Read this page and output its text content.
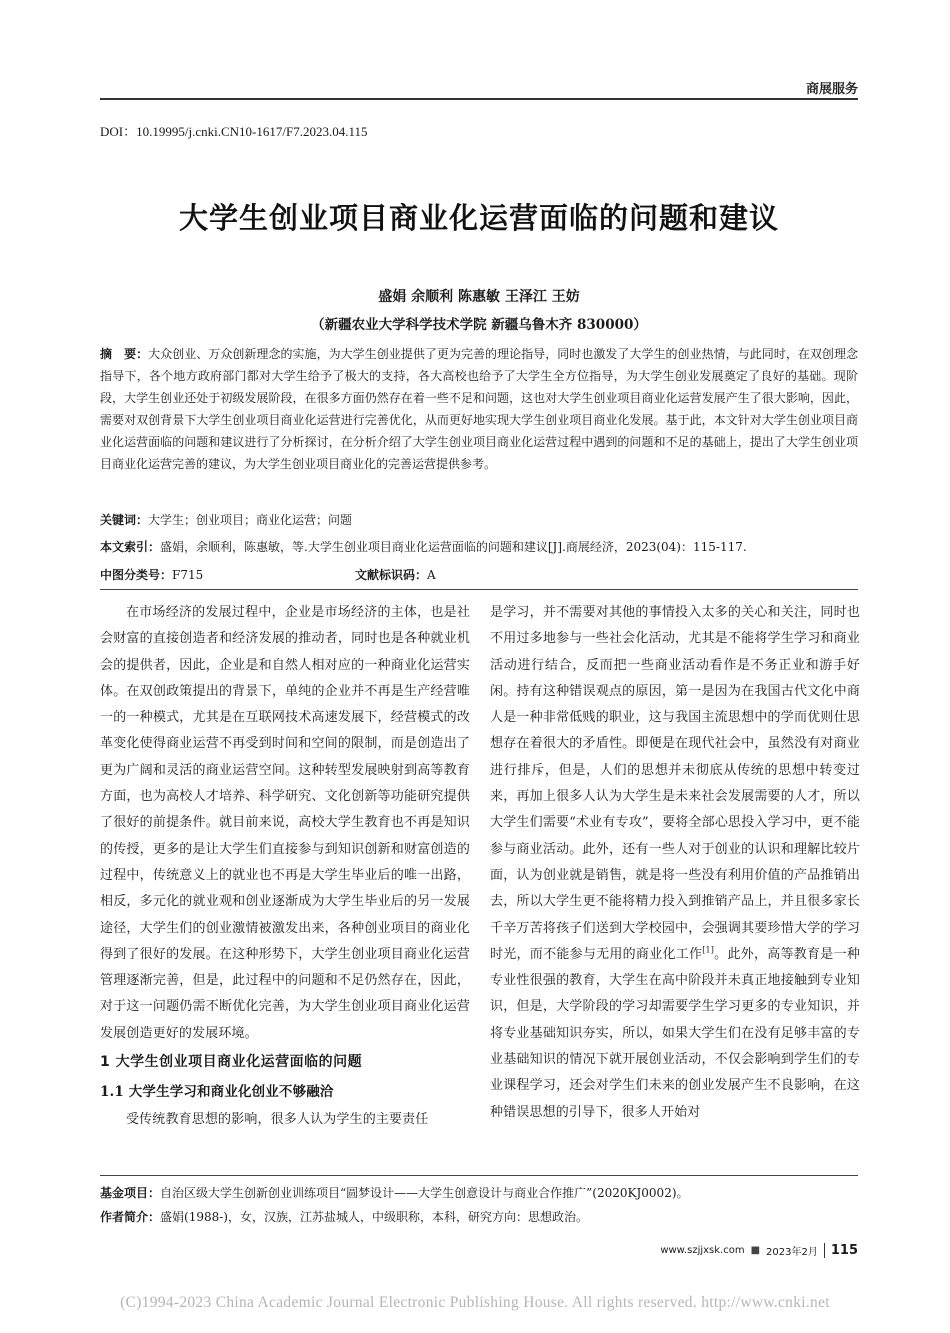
商展服务
DOI：10.19995/j.cnki.CN10-1617/F7.2023.04.115
大学生创业项目商业化运营面临的问题和建议
盛娟 余顺利 陈惠敏 王泽江 王妨
（新疆农业大学科学技术学院 新疆乌鲁木齐 830000）

摘　要：大众创业、万众创新理念的实施，为大学生创业提供了更为完善的理论指导，同时也激发了大学生的创业热情，与此同时，在双创理念指导下，各个地方政府部门都对大学生给予了极大的支持，各大高校也给予了大学生全方位指导，为大学生创业发展奠定了良好的基础。现阶段，大学生创业还处于初级发展阶段，在很多方面仍然存在着一些不足和问题，这也对大学生创业项目商业化运营发展产生了很大影响，因此，需要对双创背景下大学生创业项目商业化运营进行完善优化，从而更好地实现大学生创业项目商业化发展。基于此，本文针对大学生创业项目商业化运营面临的问题和建议进行了分析探讨，在分析介绍了大学生创业项目商业化运营过程中遇到的问题和不足的基础上，提出了大学生创业项目商业化运营完善的建议，为大学生创业项目商业化的完善运营提供参考。

关键词：大学生；创业项目；商业化运营；问题

本文索引：盛娟，余顺利，陈惠敏，等.大学生创业项目商业化运营面临的问题和建议[J].商展经济，2023(04)：115-117.

中图分类号：F715	文献标识码：A

在市场经济的发展过程中，企业是市场经济的主体，也是社会财富的直接创造者和经济发展的推动者，同时也是各种就业机会的提供者，因此，企业是和自然人相对应的一种商业化运营实体。在双创政策提出的背景下，单纯的企业并不再是生产经营唯一的一种模式，尤其是在互联网技术高速发展下，经营模式的改革变化使得商业运营不再受到时间和空间的限制，而是创造出了更为广阔和灵活的商业运营空间。这种转型发展映射到高等教育方面，也为高校人才培养、科学研究、文化创新等功能研究提供了很好的前提条件。就目前来说，高校大学生教育也不再是知识的传授，更多的是让大学生们直接参与到知识创新和财富创造的过程中，传统意义上的就业也不再是大学生毕业后的唯一出路，相反，多元化的就业观和创业逐渐成为大学生毕业后的另一发展途径，大学生们的创业激情被激发出来，各种创业项目的商业化得到了很好的发展。在这种形势下，大学生创业项目商业化运营管理逐渐完善，但是，此过程中的问题和不足仍然存在，因此，对于这一问题仍需不断优化完善，为大学生创业项目商业化运营发展创造更好的发展环境。

1 大学生创业项目商业化运营面临的问题
1.1 大学生学习和商业化创业不够融洽

受传统教育思想的影响，很多人认为学生的主要责任

是学习，并不需要对其他的事情投入太多的关心和关注，同时也不用过多地参与一些社会化活动，尤其是不能将学生学习和商业活动进行结合，反而把一些商业活动看作是不务正业和游手好闲。持有这种错误观点的原因，第一是因为在我国古代文化中商人是一种非常低贱的职业，这与我国主流思想中的学而优则仕思想存在着很大的矛盾性。即便是在现代社会中，虽然没有对商业进行排斥，但是，人们的思想并未彻底从传统的思想中转变过来，再加上很多人认为大学生是未来社会发展需要的人才，所以大学生们需要“术业有专攻”，要将全部心思投入学习中，更不能参与商业活动。此外，还有一些人对于创业的认识和理解比较片面，认为创业就是销售，就是将一些没有利用价值的产品推销出去，所以大学生更不能将精力投入到推销产品上，并且很多家长千辛万苦将孩子们送到大学校园中，会强调其要珍惜大学的学习时光，而不能参与无用的商业化工作[1]。此外，高等教育是一种专业性很强的教育，大学生在高中阶段并未真正地接触到专业知识，但是，大学阶段的学习却需要学生学习更多的专业知识，并将专业基础知识夯实，所以，如果大学生们在没有足够丰富的专业基础知识的情况下就开展创业活动，不仅会影响到学生们的专业课程学习，还会对学生们未来的创业发展产生不良影响，在这种错误思想的引导下，很多人开始对

基金项目：自治区级大学生创新创业训练项目“圆梦设计——大学生创意设计与商业合作推广”(2020KJ0002)。
作者简介：盛娟(1988-)，女，汉族，江苏盐城人，中级职称，本科，研究方向：思想政治。
www.szjjxsk.com ■ 2023年2月	115
(C)1994-2023 China Academic Journal Electronic Publishing House. All rights reserved. http://www.cnki.net
